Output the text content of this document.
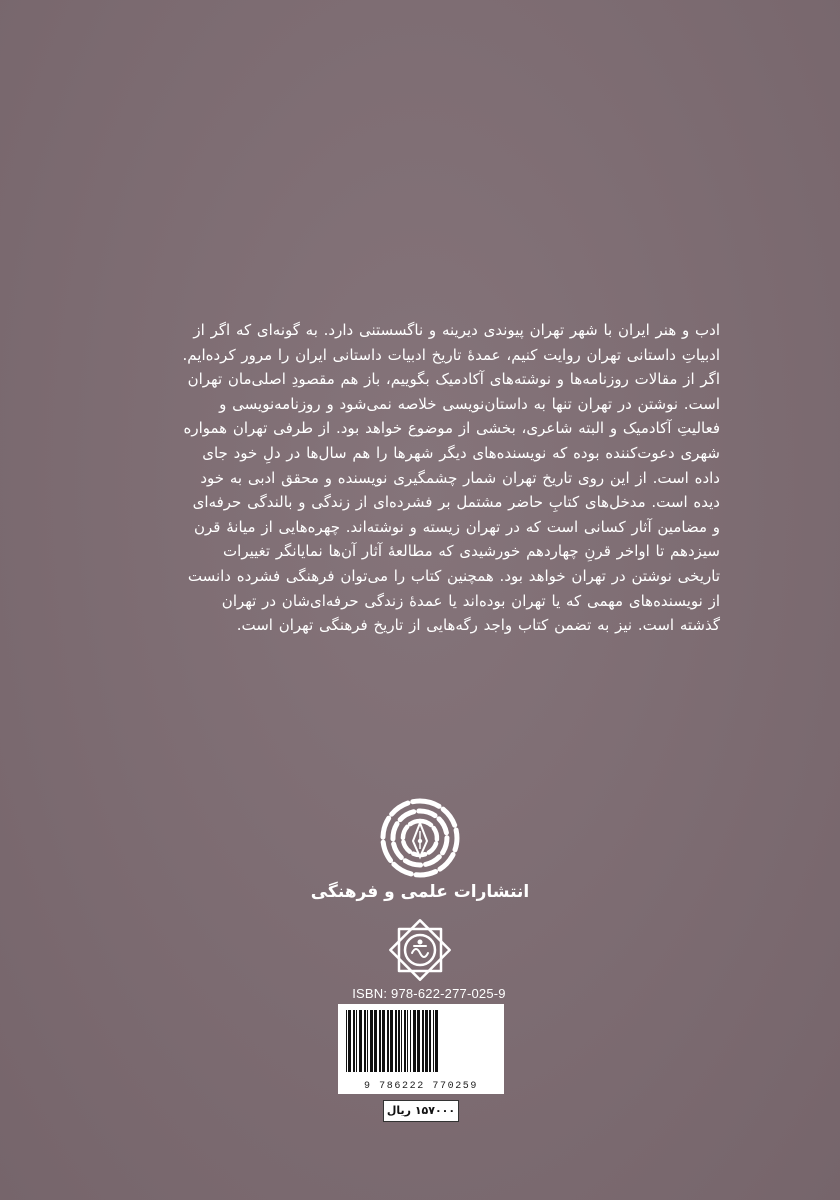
ادب و هنر ایران با شهر تهران پیوندی دیرینه و ناگسستنی دارد. به گونه‌ای که اگر از

ادبیاتِ داستانی تهران روایت کنیم، عمدهٔ تاریخ ادبیات داستانی ایران را مرور کرده‌ایم.

اگر از مقالات روزنامه‌ها و نوشته‌های آکادمیک بگوییم، باز هم مقصودِ اصلی‌مان تهران

است. نوشتن در تهران تنها به داستان‌نویسی خلاصه نمی‌شود و روزنامه‌نویسی و

فعالیتِ آکادمیک و البته شاعری، بخشی از موضوع خواهد بود. از طرفی تهران همواره

شهری دعوت‌کننده بوده که نویسنده‌های دیگر شهرها را هم سال‌ها در دلِ خود جای

داده است. از این روی تاریخ تهران شمار چشمگیری نویسنده و محقق ادبی به خود

دیده است. مدخل‌های کتابِ حاضر مشتمل بر فشرده‌ای از زندگی و بالندگی حرفه‌ای

و مضامین آثار کسانی است که در تهران زیسته و نوشته‌اند. چهره‌هایی از میانهٔ قرن

سیزدهم تا اواخر قرنِ چهاردهم خورشیدی که مطالعهٔ آثار آن‌ها نمایانگر تغییرات

تاریخی نوشتن در تهران خواهد بود. همچنین کتاب را می‌توان فرهنگی فشرده دانست

از نویسنده‌های مهمی که یا تهران بوده‌اند یا عمدهٔ زندگی حرفه‌ای‌شان در تهران

گذشته است. نیز به تضمن کتاب واجد رگه‌هایی از تاریخ فرهنگی تهران است.

انتشارات علمی و فرهنگی
ISBN: 978-622-277-025-9
9 786222 770259
۱۵۷۰۰۰ ریال
